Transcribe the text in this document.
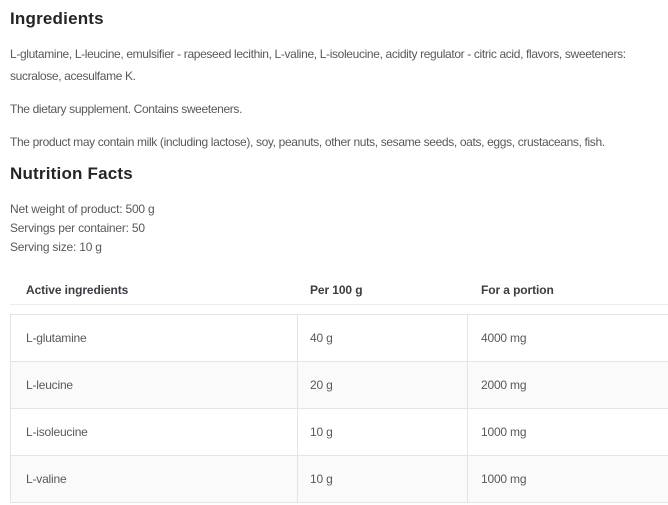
Ingredients

L-glutamine, L-leucine, emulsifier - rapeseed lecithin, L-valine, L-isoleucine, acidity regulator - citric acid, flavors, sweeteners: sucralose, acesulfame K.

The dietary supplement. Contains sweeteners.

The product may contain milk (including lactose), soy, peanuts, other nuts, sesame seeds, oats, eggs, crustaceans, fish.

Nutrition Facts

Net weight of product: 500 g

Servings per container: 50

Serving size: 10 g

Active ingredients	Per 100 g	For a portion
L-glutamine	40 g	4000 mg
L-leucine	20 g	2000 mg
L-isoleucine	10 g	1000 mg
L-valine	10 g	1000 mg
